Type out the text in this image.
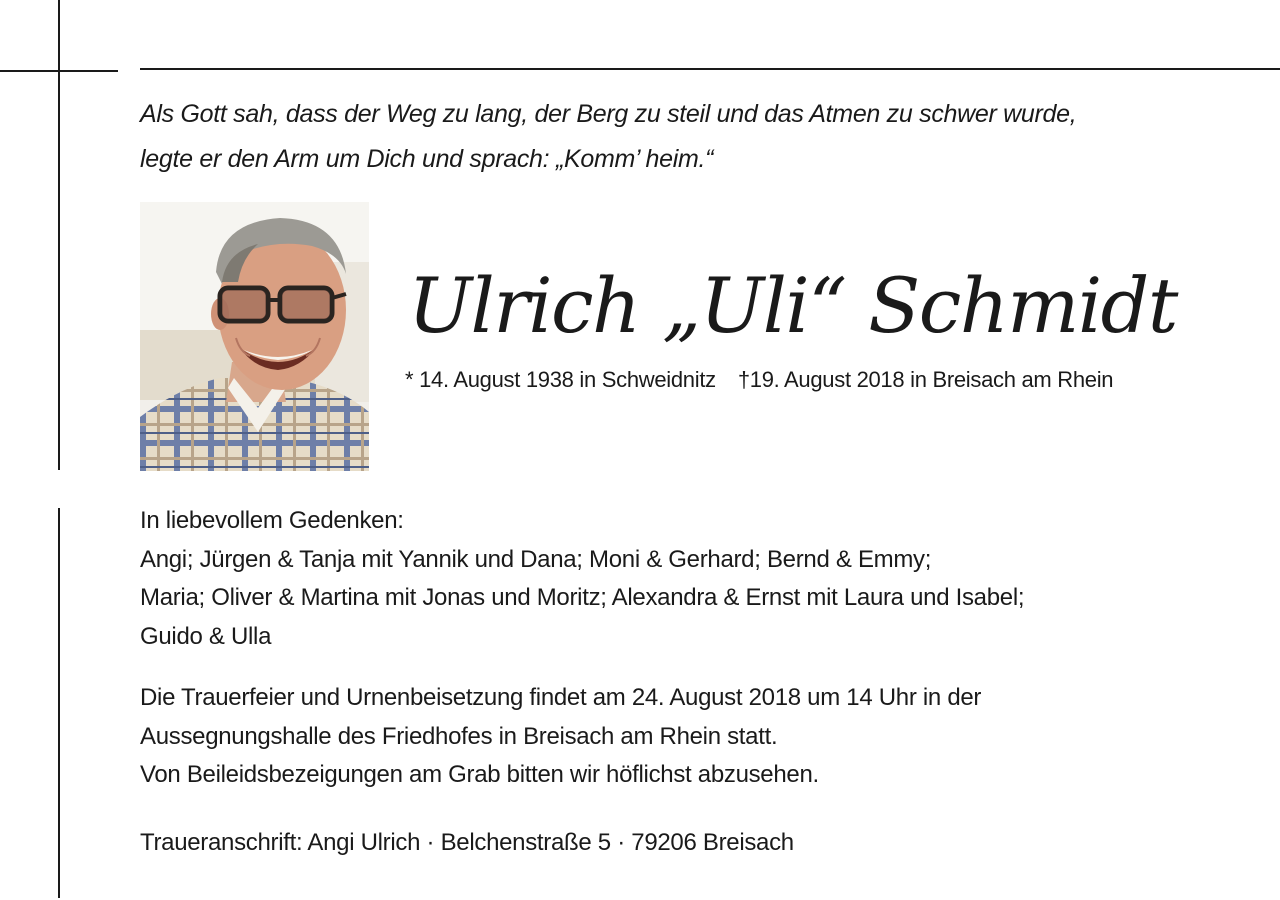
Als Gott sah, dass der Weg zu lang, der Berg zu steil und das Atmen zu schwer wurde,
legte er den Arm um Dich und sprach: „Komm’ heim.“

Ulrich „Uli“ Schmidt
* 14. August 1938 in Schweidnitz †19. August 2018 in Breisach am Rhein
In liebevollem Gedenken:
Angi; Jürgen & Tanja mit Yannik und Dana; Moni & Gerhard; Bernd & Emmy;
Maria; Oliver & Martina mit Jonas und Moritz; Alexandra & Ernst mit Laura und Isabel;
Guido & Ulla
Die Trauerfeier und Urnenbeisetzung findet am 24. August 2018 um 14 Uhr in der
Aussegnungshalle des Friedhofes in Breisach am Rhein statt.
Von Beileidsbezeigungen am Grab bitten wir höflichst abzusehen.
Traueranschrift: Angi Ulrich · Belchenstraße 5 · 79206 Breisach
